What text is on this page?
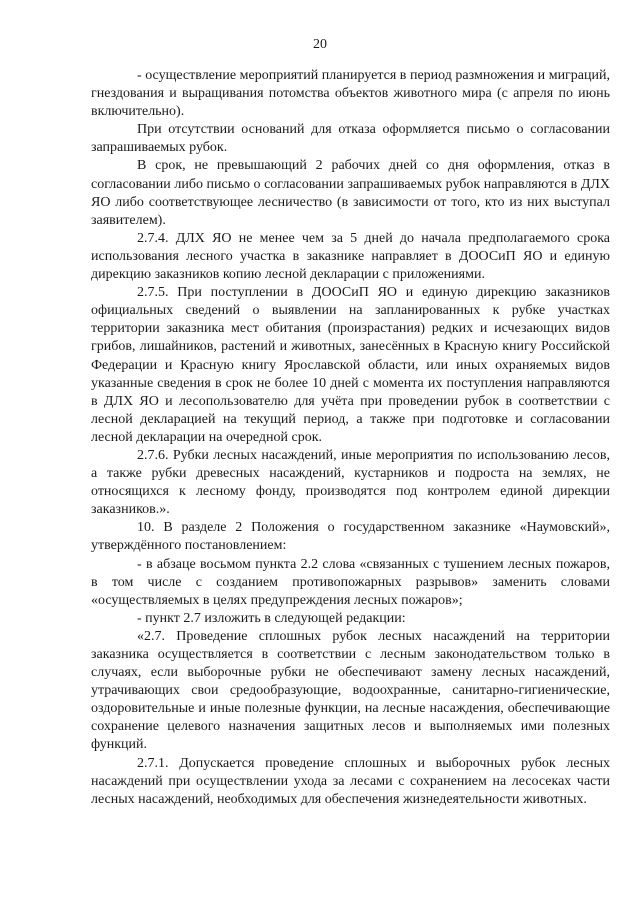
20

- осуществление мероприятий планируется в период размножения и миграций, гнездования и выращивания потомства объектов животного мира (с апреля по июнь включительно).

При отсутствии оснований для отказа оформляется письмо о согласовании запрашиваемых рубок.

В срок, не превышающий 2 рабочих дней со дня оформления, отказ в согласовании либо письмо о согласовании запрашиваемых рубок направляются в ДЛХ ЯО либо соответствующее лесничество (в зависимости от того, кто из них выступал заявителем).

2.7.4. ДЛХ ЯО не менее чем за 5 дней до начала предполагаемого срока использования лесного участка в заказнике направляет в ДООСиП ЯО и единую дирекцию заказников копию лесной декларации с приложениями.

2.7.5. При поступлении в ДООСиП ЯО и единую дирекцию заказников официальных сведений о выявлении на запланированных к рубке участках территории заказника мест обитания (произрастания) редких и исчезающих видов грибов, лишайников, растений и животных, занесённых в Красную книгу Российской Федерации и Красную книгу Ярославской области, или иных охраняемых видов указанные сведения в срок не более 10 дней с момента их поступления направляются в ДЛХ ЯО и лесопользователю для учёта при проведении рубок в соответствии с лесной декларацией на текущий период, а также при подготовке и согласовании лесной декларации на очередной срок.

2.7.6. Рубки лесных насаждений, иные мероприятия по использованию лесов, а также рубки древесных насаждений, кустарников и подроста на землях, не относящихся к лесному фонду, производятся под контролем единой дирекции заказников.».

10. В разделе 2 Положения о государственном заказнике «Наумовский», утверждённого постановлением:

- в абзаце восьмом пункта 2.2 слова «связанных с тушением лесных пожаров, в том числе с созданием противопожарных разрывов» заменить словами «осуществляемых в целях предупреждения лесных пожаров»;

- пункт 2.7 изложить в следующей редакции:

«2.7. Проведение сплошных рубок лесных насаждений на территории заказника осуществляется в соответствии с лесным законодательством только в случаях, если выборочные рубки не обеспечивают замену лесных насаждений, утрачивающих свои средообразующие, водоохранные, санитарно-гигиенические, оздоровительные и иные полезные функции, на лесные насаждения, обеспечивающие сохранение целевого назначения защитных лесов и выполняемых ими полезных функций.

2.7.1. Допускается проведение сплошных и выборочных рубок лесных насаждений при осуществлении ухода за лесами с сохранением на лесосеках части лесных насаждений, необходимых для обеспечения жизнедеятельности животных.
